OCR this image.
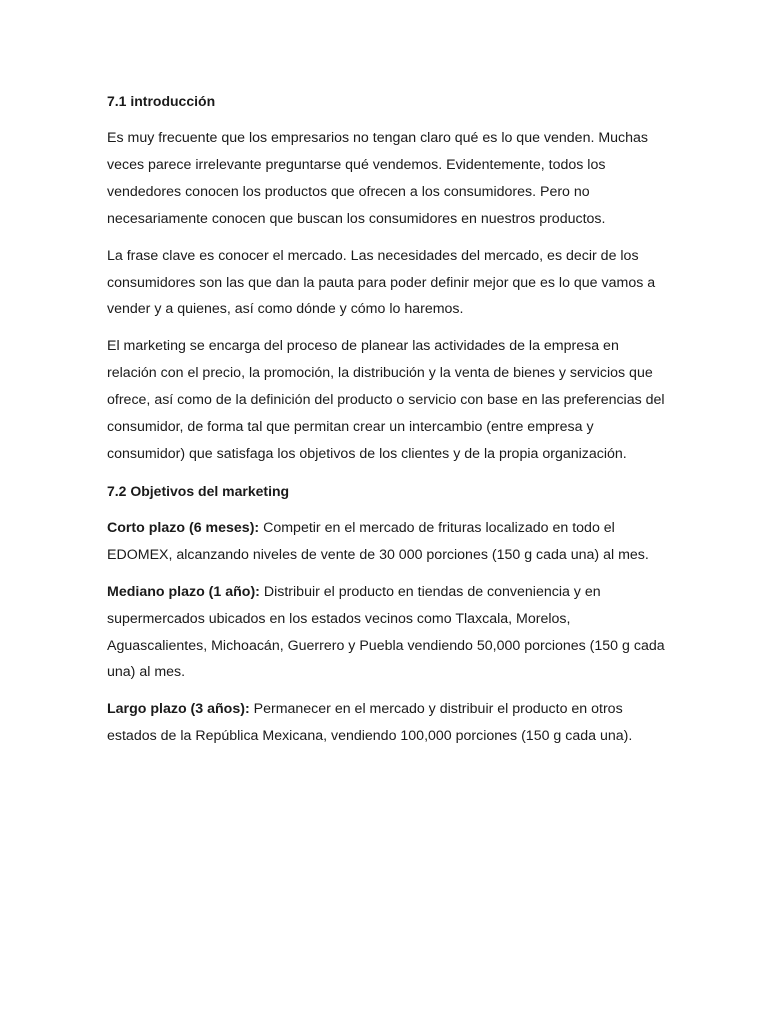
7.1 introducción

Es muy frecuente que los empresarios no tengan claro qué es lo que venden. Muchas veces parece irrelevante preguntarse qué vendemos. Evidentemente, todos los vendedores conocen los productos que ofrecen a los consumidores. Pero no necesariamente conocen que buscan los consumidores en nuestros productos.

La frase clave es conocer el mercado. Las necesidades del mercado, es decir de los consumidores son las que dan la pauta para poder definir mejor que es lo que vamos a vender y a quienes, así como dónde y cómo lo haremos.

El marketing se encarga del proceso de planear las actividades de la empresa en relación con el precio, la promoción, la distribución y la venta de bienes y servicios que ofrece, así como de la definición del producto o servicio con base en las preferencias del consumidor, de forma tal que permitan crear un intercambio (entre empresa y consumidor) que satisfaga los objetivos de los clientes y de la propia organización.

7.2 Objetivos del marketing

Corto plazo (6 meses): Competir en el mercado de frituras localizado en todo el EDOMEX, alcanzando niveles de vente de 30 000 porciones (150 g cada una) al mes.

Mediano plazo (1 año): Distribuir el producto en tiendas de conveniencia y en supermercados ubicados en los estados vecinos como Tlaxcala, Morelos, Aguascalientes, Michoacán, Guerrero y Puebla vendiendo 50,000 porciones (150 g cada una) al mes.

Largo plazo (3 años): Permanecer en el mercado y distribuir el producto en otros estados de la República Mexicana, vendiendo 100,000 porciones (150 g cada una).
